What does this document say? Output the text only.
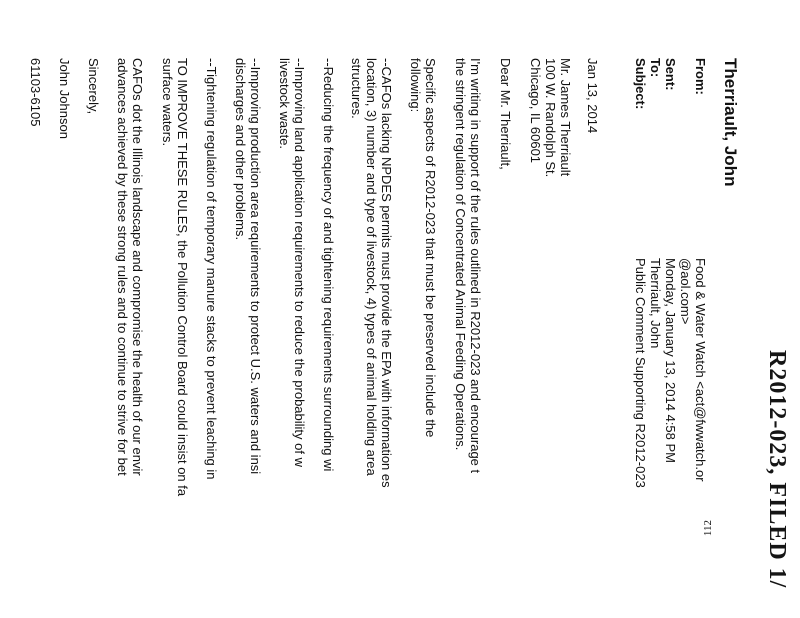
R2012-023, FILED 1/
Therriault, John
From:
Food & Water Watch <act@fwwatch.or
@aol.com>
Sent:
Monday, January 13, 2014 4:58 PM
To:
Therriault, John
Subject:
Public Comment Supporting R2012-023
Jan 13, 2014
Mr. James Therriault
100 W. Randolph St.
Chicago, IL 60601
Dear Mr. Therriault,
I'm writing in support of the rules outlined in R2012-023 and encourage t
the stringent regulation of Concentrated Animal Feeding Operations.
Specific aspects of R2012-023 that must be preserved include the
following:
--CAFOs lacking NPDES permits must provide the EPA with information es
location, 3) number and type of livestock, 4) types of animal holding area
structures.
--Reducing the frequency of and tightening requirements surrounding wi
--Improving land application requirements to reduce the probability of w
livestock waste.
--Improving production area requirements to protect U.S. waters and insi
discharges and other problems.
--Tightening regulation of temporary manure stacks to prevent leaching in
TO IMPROVE THESE RULES, the Pollution Control Board could insist on fa
surface waters.
CAFOs dot the Illinois landscape and compromise the health of our envir
advances achieved by these strong rules and to continue to strive for bet
Sincerely,
John Johnson
61103-6105
112
